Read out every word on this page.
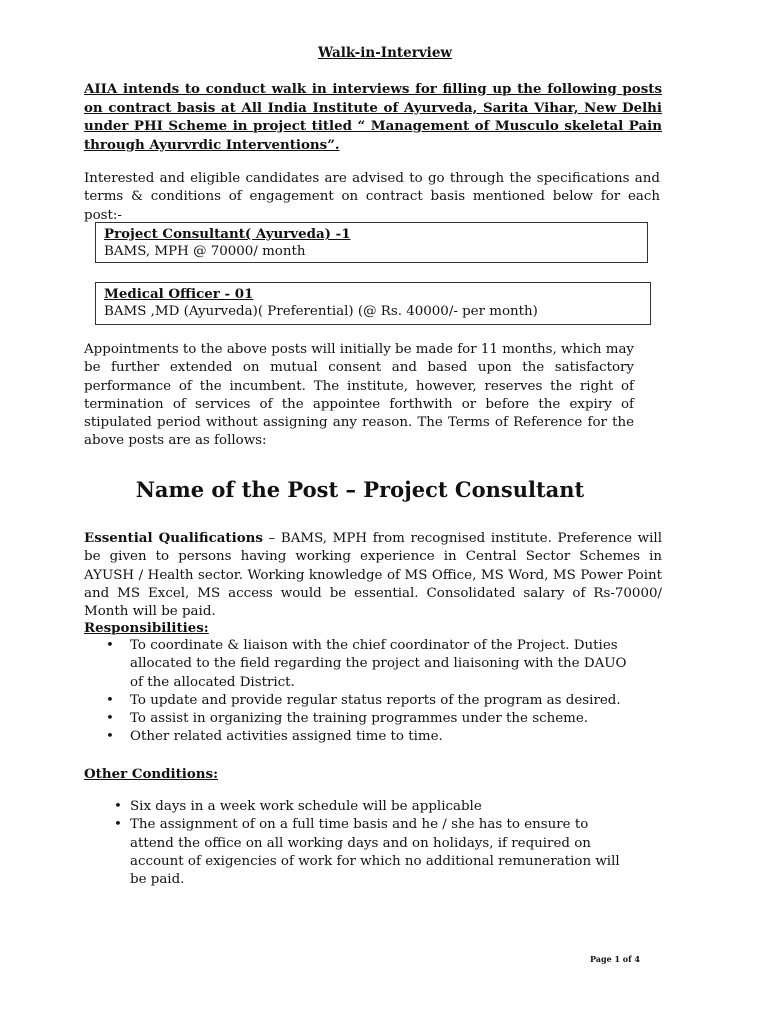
Walk-in-Interview
AIIA intends to conduct walk in interviews for filling up the following posts on contract basis at All India Institute of Ayurveda, Sarita Vihar, New Delhi under PHI Scheme in project titled “ Management of Musculo skeletal Pain through Ayurvrdic Interventions”.

Interested and eligible candidates are advised to go through the specifications and terms & conditions of engagement on contract basis mentioned below for each post:-

Project Consultant( Ayurveda) -1
BAMS, MPH @ 70000/ month
Medical Officer - 01
BAMS ,MD (Ayurveda)( Preferential) (@ Rs. 40000/- per month)

Appointments to the above posts will initially be made for 11 months, which may be further extended on mutual consent and based upon the satisfactory performance of the incumbent. The institute, however, reserves the right of termination of services of the appointee forthwith or before the expiry of stipulated period without assigning any reason. The Terms of Reference for the above posts are as follows:

Name of the Post – Project Consultant
Essential Qualifications – BAMS, MPH from recognised institute. Preference will be given to persons having working experience in Central Sector Schemes in AYUSH / Health sector. Working knowledge of MS Office, MS Word, MS Power Point and MS Excel, MS access would be essential. Consolidated salary of Rs-70000/ Month will be paid.
Responsibilities:
• To coordinate & liaison with the chief coordinator of the Project. Duties allocated to the field regarding the project and liaisoning with the DAUO of the allocated District.
• To update and provide regular status reports of the program as desired.
• To assist in organizing the training programmes under the scheme.
• Other related activities assigned time to time.
Other Conditions:
• Six days in a week work schedule will be applicable
• The assignment of on a full time basis and he / she has to ensure to attend the office on all working days and on holidays, if required on account of exigencies of work for which no additional remuneration will be paid.
Page 1 of 4
